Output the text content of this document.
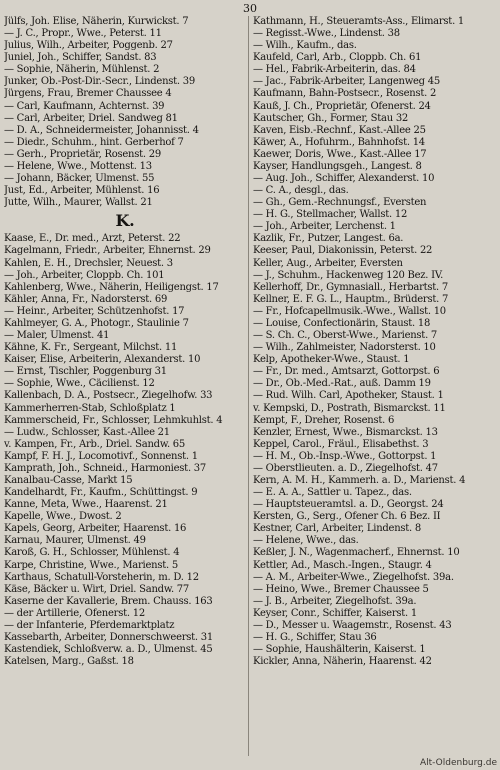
30
Jülfs, Joh. Elise, Näherin, Kurwickst. 7
— J. C., Propr., Wwe., Peterst. 11
Julius, Wilh., Arbeiter, Poggenb. 27
Juniel, Joh., Schiffer, Sandst. 83
— Sophie, Näherin, Mühlenst. 2
Junker, Ob.-Post-Dir.-Secr., Lindenst. 39
Jürgens, Frau, Bremer Chaussee 4
— Carl, Kaufmann, Achternst. 39
— Carl, Arbeiter, Driel. Sandweg 81
— D. A., Schneidermeister, Johannisst. 4
— Diedr., Schuhm., hint. Gerberhof 7
— Gerh., Proprietär, Rosenst. 29
— Helene, Wwe., Mottenst. 13
— Johann, Bäcker, Ulmenst. 55
Just, Ed., Arbeiter, Mühlenst. 16
Jutte, Wilh., Maurer, Wallst. 21
K.
Kaase, E., Dr. med., Arzt, Peterst. 22
Kagelmann, Friedr., Arbeiter, Ehnernst. 29
Kahlen, E. H., Drechsler, Neuest. 3
— Joh., Arbeiter, Cloppb. Ch. 101
Kahlenberg, Wwe., Näherin, Heiligengst. 17
Kähler, Anna, Fr., Nadorsterst. 69
— Heinr., Arbeiter, Schützenhofst. 17
Kahlmeyer, G. A., Photogr., Staulinie 7
— Maler, Ulmenst. 41
Kähne, K. Fr., Sergeant, Milchst. 11
Kaiser, Elise, Arbeiterin, Alexanderst. 10
— Ernst, Tischler, Poggenburg 31
— Sophie, Wwe., Cäcilienst. 12
Kallenbach, D. A., Postsecr., Ziegelhofw. 33
Kammerherren-Stab, Schloßplatz 1
Kammerscheid, Fr., Schlosser, Lehmkuhlst. 4
— Ludw., Schlosser, Kast.-Allee 21
v. Kampen, Fr., Arb., Driel. Sandw. 65
Kampf, F. H. J., Locomotivf., Sonnenst. 1
Kamprath, Joh., Schneid., Harmoniest. 37
Kanalbau-Casse, Markt 15
Kandelhardt, Fr., Kaufm., Schüttingst. 9
Kanne, Meta, Wwe., Haarenst. 21
Kapelle, Wwe., Dwost. 2
Kapels, Georg, Arbeiter, Haarenst. 16
Karnau, Maurer, Ulmenst. 49
Karoß, G. H., Schlosser, Mühlenst. 4
Karpe, Christine, Wwe., Marienst. 5
Karthaus, Schatull-Vorsteherin, m. D. 12
Käse, Bäcker u. Wirt, Driel. Sandw. 77
Kaserne der Kavallerie, Brem. Chauss. 163
— der Artillerie, Ofenerst. 12
— der Infanterie, Pferdemarktplatz
Kassebarth, Arbeiter, Donnerschweerst. 31
Kastendiek, Schloßverw. a. D., Ulmenst. 45
Katelsen, Marg., Gaßst. 18
Kathmann, H., Steueramts-Ass., Elimarst. 1
— Regisst.-Wwe., Lindenst. 38
— Wilh., Kaufm., das.
Kaufeld, Carl, Arb., Cloppb. Ch. 61
— Hel., Fabrik-Arbeiterin, das. 84
— Jac., Fabrik-Arbeiter, Langenweg 45
Kaufmann, Bahn-Postsecr., Rosenst. 2
Kauß, J. Ch., Proprietär, Ofenerst. 24
Kautscher, Gh., Former, Stau 32
Kaven, Eisb.-Rechnf., Kast.-Allee 25
Käwer, A., Hofuhrm., Bahnhofst. 14
Kaewer, Doris, Wwe., Kast.-Allee 17
Kayser, Handlungsgeh., Langest. 8
— Aug. Joh., Schiffer, Alexanderst. 10
— C. A., desgl., das.
— Gh., Gem.-Rechnungsf., Eversten
— H. G., Stellmacher, Wallst. 12
— Joh., Arbeiter, Lerchenst. 1
Kazlik, Fr., Putzer, Langest. 6a.
Keeser, Paul, Diakonissin, Peterst. 22
Keller, Aug., Arbeiter, Eversten
— J., Schuhm., Hackenweg 120 Bez. IV.
Kellerhoff, Dr., Gymnasiall., Herbartst. 7
Kellner, E. F. G. L., Hauptm., Brüderst. 7
— Fr., Hofcapellmusik.-Wwe., Wallst. 10
— Louise, Confectionärin, Staust. 18
— S. Ch. C., Oberst-Wwe., Marienst. 7
— Wilh., Zahlmeister, Nadorsterst. 10
Kelp, Apotheker-Wwe., Staust. 1
— Fr., Dr. med., Amtsarzt, Gottorpst. 6
— Dr., Ob.-Med.-Rat., auß. Damm 19
— Rud. Wilh. Carl, Apotheker, Staust. 1
v. Kempski, D., Postrath, Bismarckst. 11
Kempt, F., Dreher, Rosenst. 6
Kenzler, Ernest, Wwe., Bismarckst. 13
Keppel, Carol., Fräul., Elisabethst. 3
— H. M., Ob.-Insp.-Wwe., Gottorpst. 1
— Oberstlieuten. a. D., Ziegelhofst. 47
Kern, A. M. H., Kammerh. a. D., Marienst. 4
— E. A. A., Sattler u. Tapez., das.
— Hauptsteueramtsl. a. D., Georgst. 24
Kersten, G., Serg., Ofener Ch. 6 Bez. II
Kestner, Carl, Arbeiter, Lindenst. 8
— Helene, Wwe., das.
Keßler, J. N., Wagenmacherf., Ehnernst. 10
Kettler, Ad., Masch.-Ingen., Staugr. 4
— A. M., Arbeiter-Wwe., Ziegelhofst. 39a.
— Heino, Wwe., Bremer Chaussee 5
— J. B., Arbeiter, Ziegelhofst. 39a.
Keyser, Conr., Schiffer, Kaiserst. 1
— D., Messer u. Waagemstr., Rosenst. 43
— H. G., Schiffer, Stau 36
— Sophie, Haushälterin, Kaiserst. 1
Kickler, Anna, Näherin, Haarenst. 42
Alt-Oldenburg.de
